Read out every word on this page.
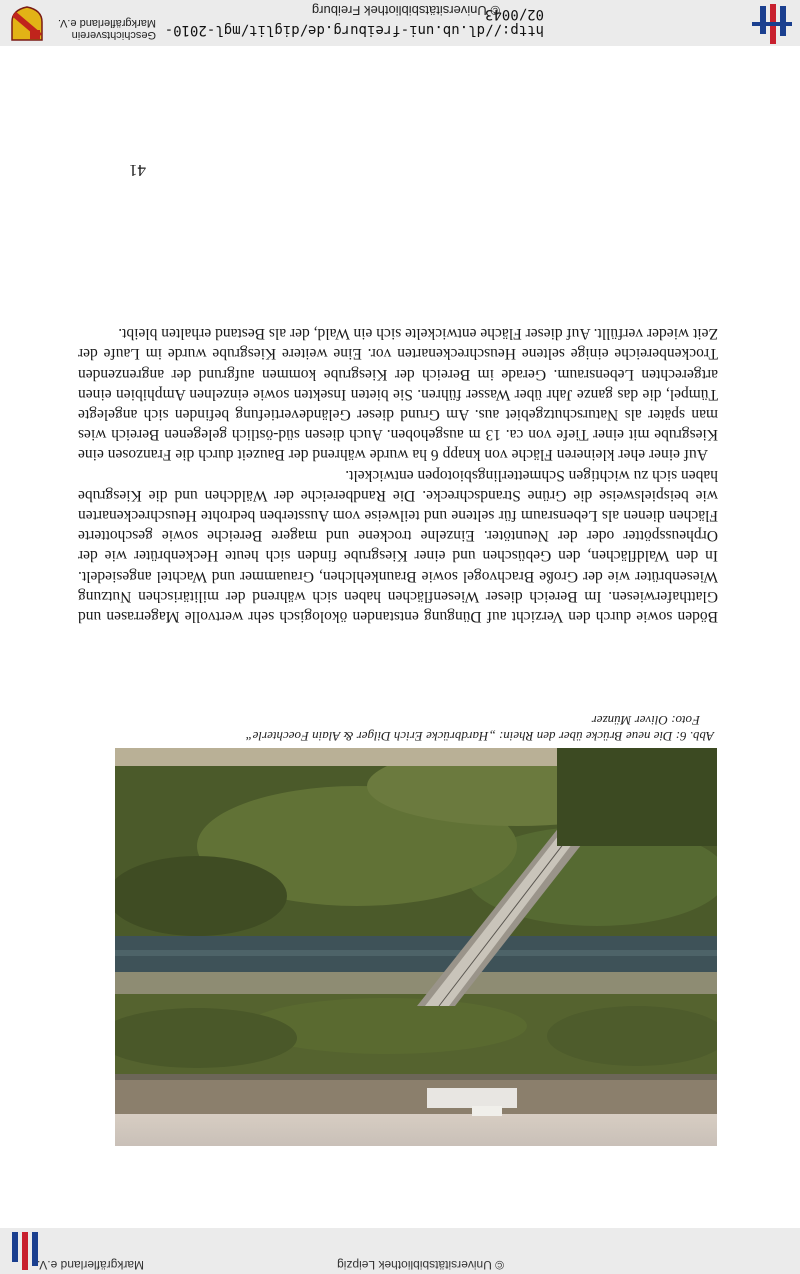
© Universitätsbibliothek Leipzig
Markgräflerland e.V.
Abb. 6: Die neue Brücke über den Rhein: „Hardbrücke Erich Dilger & Alain Foechterle“
Foto: Oliver Münzer

Böden sowie durch den Verzicht auf Düngung entstanden ökologisch sehr wertvolle Magerrasen und Glatthaferwiesen. Im Bereich dieser Wiesenflächen haben sich während der militärischen Nutzung Wiesenbrüter wie der Große Brachvogel sowie Braunkehlchen, Grauammer und Wachtel angesiedelt. In den Waldflächen, den Gebüschen und einer Kiesgrube finden sich heute Heckenbrüter wie der Orpheusspötter oder der Neuntöter. Einzelne trockene und magere Bereiche sowie geschotterte Flächen dienen als Lebensraum für seltene und teilweise vom Aussterben bedrohte Heuschreckenarten wie beispielsweise die Grüne Strandschrecke. Die Randbereiche der Wäldchen und die Kiesgrube haben sich zu wichtigen Schmetterlingsbiotopen entwickelt.

Auf einer eher kleineren Fläche von knapp 6 ha wurde während der Bauzeit durch die Franzosen eine Kiesgrube mit einer Tiefe von ca. 13 m ausgehoben. Auch diesen süd-östlich gelegenen Bereich wies man später als Naturschutzgebiet aus. Am Grund dieser Geländevertiefung befinden sich angelegte Tümpel, die das ganze Jahr über Wasser führen. Sie bieten Insekten sowie einzelnen Amphibien einen artgerechten Lebensraum. Gerade im Bereich der Kiesgrube kommen aufgrund der angrenzenden Trockenbereiche einige seltene Heuschreckenarten vor. Eine weitere Kiesgrube wurde im Laufe der Zeit wieder verfüllt. Auf dieser Fläche entwickelte sich ein Wald, der als Bestand erhalten bleibt.

41
http://dl.ub.uni-freiburg.de/diglit/mgl-2010-02/0043
© Universitätsbibliothek Freiburg
Geschichtsverein
Markgräflerland e.V.
